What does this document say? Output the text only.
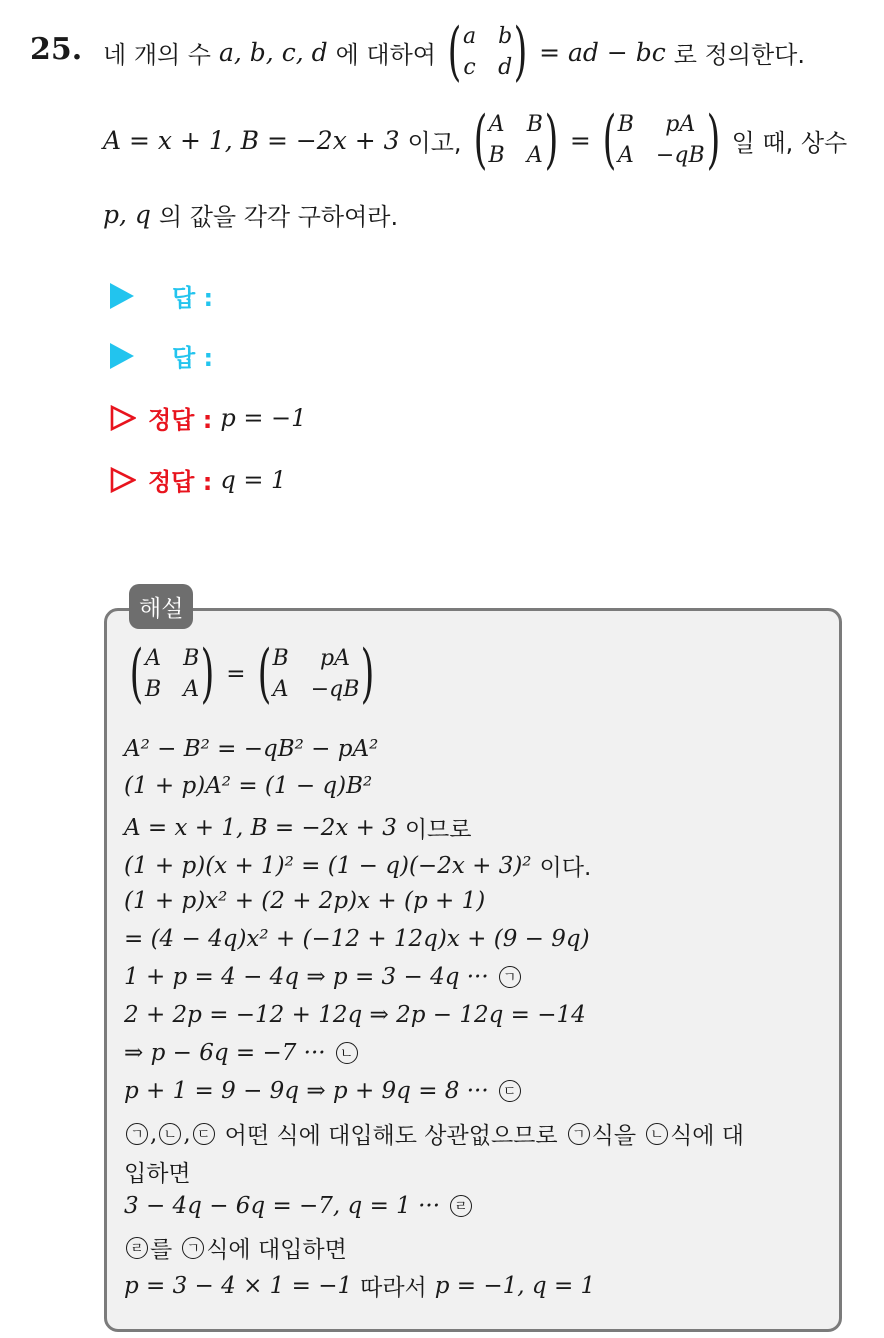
25. 네 개의 수 a, b, c, d 에 대하여 ( a b
c d ) = ad − bc 로 정의한다.
A = x + 1, B = −2x + 3 이고, ( A B
B A ) = ( B	pA
A −qB ) 일 때, 상수
p, q 의 값을 각각 구하여라.
답 :
답 :
정답 : p = −1
정답 : q = 1
해설
( A B
B A ) = ( B	pA
A −qB )
A² − B² = −qB² − pA²
(1 + p)A² = (1 − q)B²
A = x + 1, B = −2x + 3 이므로
(1 + p)(x + 1)² = (1 − q)(−2x + 3)² 이다.
(1 + p)x² + (2 + 2p)x + (p + 1)
= (4 − 4q)x² + (−12 + 12q)x + (9 − 9q)
1 + p = 4 − 4q ⇒ p = 3 − 4q ···	ㄱ
2 + 2p = −12 + 12q ⇒ 2p − 12q = −14
⇒ p − 6q = −7 ···	ㄴ
p + 1 = 9 − 9q ⇒ p + 9q = 8 ···	ㄷ
ㄱ , ㄴ , ㄷ 어떤 식에 대입해도 상관없으므로	ㄱ 식을	ㄴ 식에 대
입하면
3 − 4q − 6q = −7, q = 1 ···	ㄹ
ㄹ 를	ㄱ 식에 대입하면
p = 3 − 4 × 1 = −1 따라서 p = −1, q = 1
